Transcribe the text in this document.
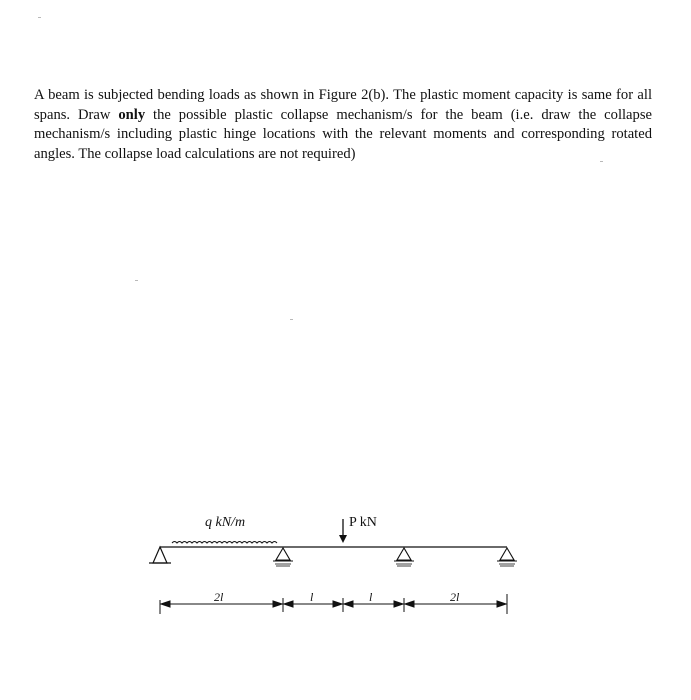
A beam is subjected bending loads as shown in Figure 2(b). The plastic moment capacity is same for all spans. Draw only the possible plastic collapse mechanism/s for the beam (i.e. draw the collapse mechanism/s including plastic hinge locations with the relevant moments and corresponding rotated angles. The collapse load calculations are not required)
q kN/m	P kN
2l	l	l	2l
